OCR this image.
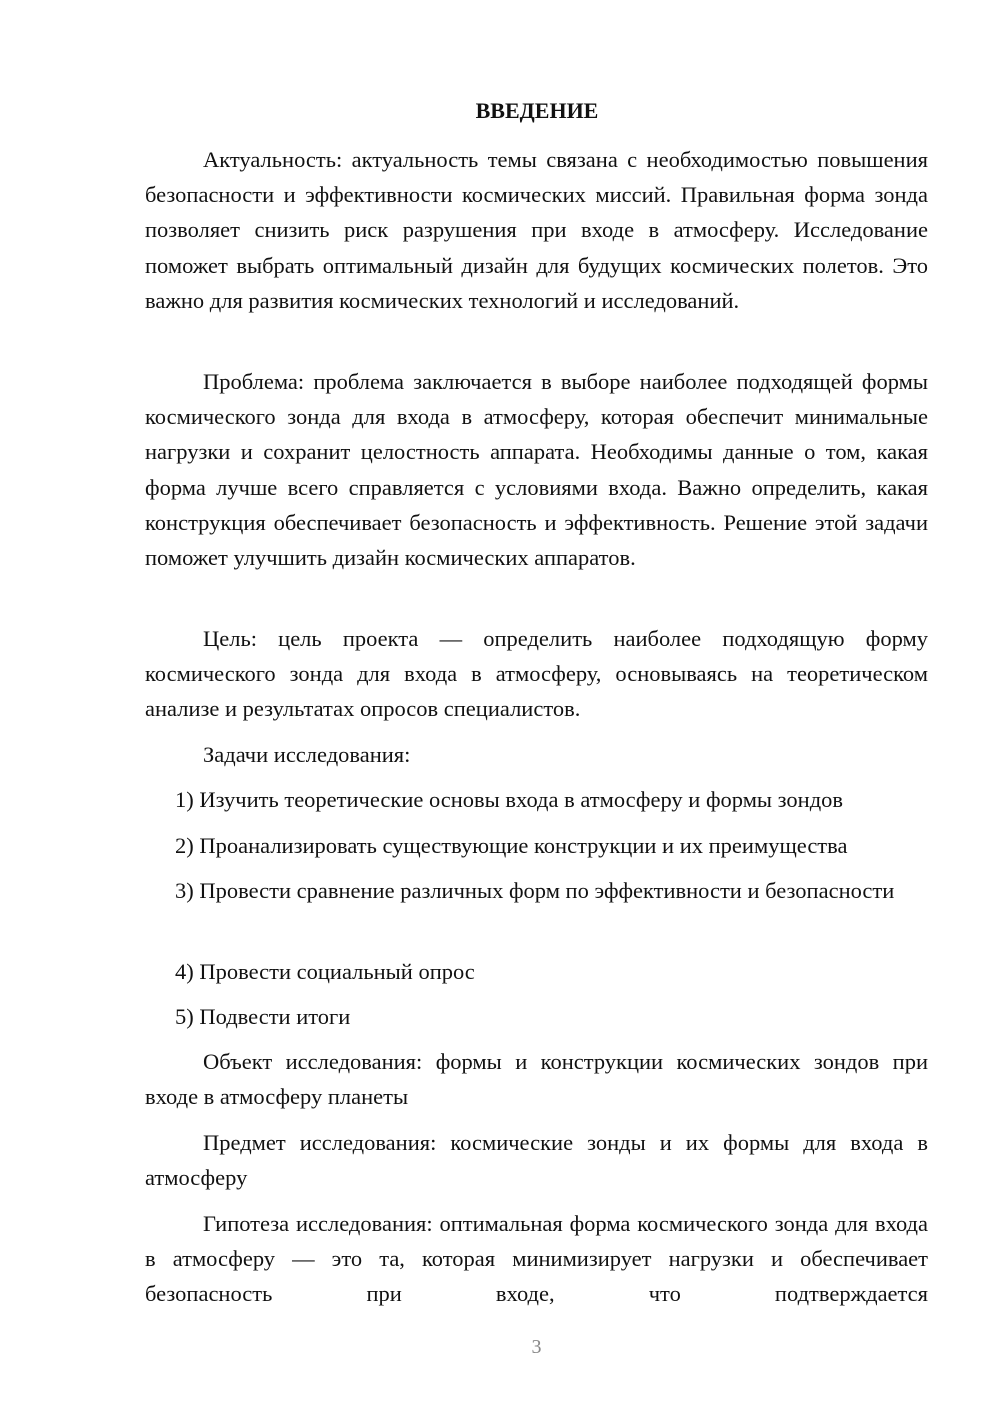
ВВЕДЕНИЕ

Актуальность: актуальность темы связана с необходимостью повышения безопасности и эффективности космических миссий. Правильная форма зонда позволяет снизить риск разрушения при входе в атмосферу. Исследование поможет выбрать оптимальный дизайн для будущих космических полетов. Это важно для развития космических технологий и исследований.

Проблема: проблема заключается в выборе наиболее подходящей формы космического зонда для входа в атмосферу, которая обеспечит минимальные нагрузки и сохранит целостность аппарата. Необходимы данные о том, какая форма лучше всего справляется с условиями входа. Важно определить, какая конструкция обеспечивает безопасность и эффективность. Решение этой задачи поможет улучшить дизайн космических аппаратов.

Цель: цель проекта — определить наиболее подходящую форму космического зонда для входа в атмосферу, основываясь на теоретическом анализе и результатах опросов специалистов.

Задачи исследования:

1) Изучить теоретические основы входа в атмосферу и формы зондов

2) Проанализировать существующие конструкции и их преимущества

3) Провести сравнение различных форм по эффективности и безопасности

4) Провести социальный опрос

5) Подвести итоги

Объект исследования: формы и конструкции космических зондов при входе в атмосферу планеты

Предмет исследования: космические зонды и их формы для входа в атмосферу

Гипотеза исследования: оптимальная форма космического зонда для входа в атмосферу — это та, которая минимизирует нагрузки и обеспечивает безопасность при входе, что подтверждается

3
